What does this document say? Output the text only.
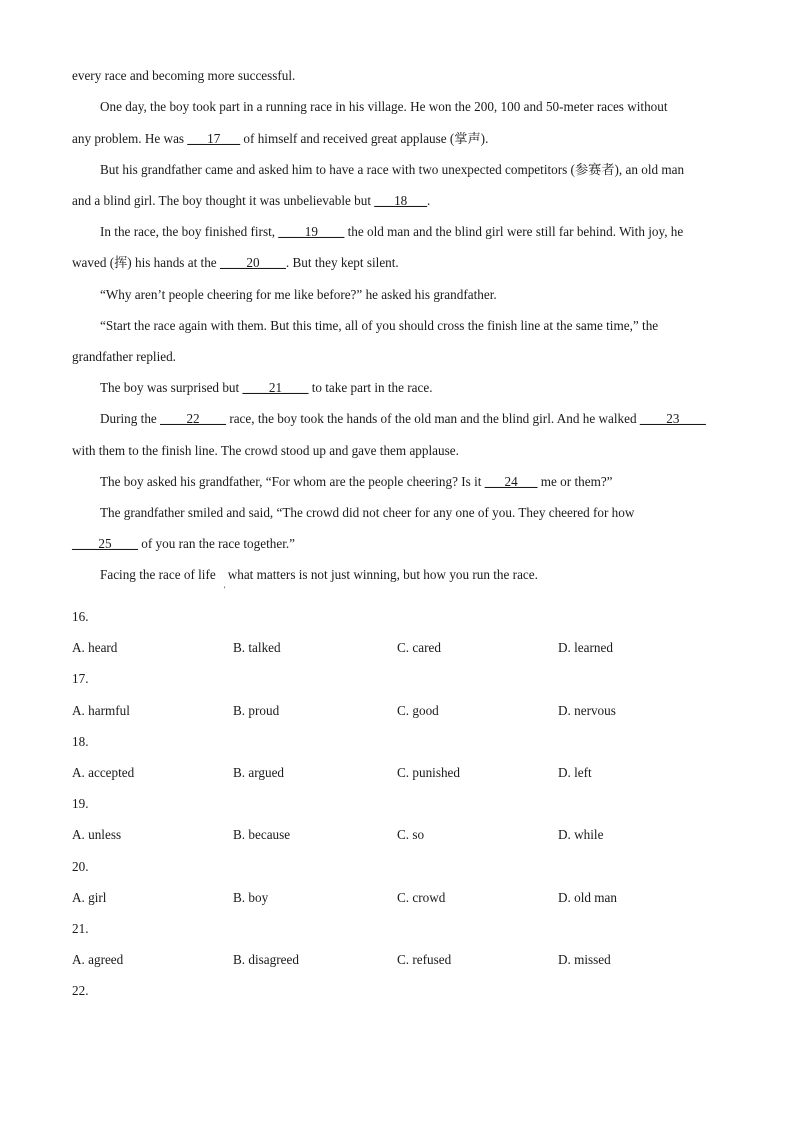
every race and becoming more successful.
One day, the boy took part in a running race in his village. He won the 200, 100 and 50-meter races without
any problem. He was ___17___ of himself and received great applause (掌声).
But his grandfather came and asked him to have a race with two unexpected competitors (参赛者), an old man
and a blind girl. The boy thought it was unbelievable but ___18___.
In the race, the boy finished first, ____19____ the old man and the blind girl were still far behind. With joy, he
waved (挥) his hands at the ____20____. But they kept silent.
“Why aren’t people cheering for me like before?” he asked his grandfather.
“Start the race again with them. But this time, all of you should cross the finish line at the same time,” the
grandfather replied.
The boy was surprised but ____21____ to take part in the race.
During the ____22____ race, the boy took the hands of the old man and the blind girl. And he walked ____23____
with them to the finish line. The crowd stood up and gave them applause.
The boy asked his grandfather, “For whom are the people cheering? Is it ___24___ me or them?”
The grandfather smiled and said, “The crowd did not cheer for any one of you. They cheered for how
____25____ of you ran the race together.”
Facing the race of life what matters is not just winning, but how you run the race.
'
16.
A. heard	B. talked	C. cared	D. learned
17.
A. harmful	B. proud	C. good	D. nervous
18.
A. accepted	B. argued	C. punished	D. left
19.
A. unless	B. because	C. so	D. while
20.
A. girl	B. boy	C. crowd	D. old man
21.
A. agreed	B. disagreed	C. refused	D. missed
22.
